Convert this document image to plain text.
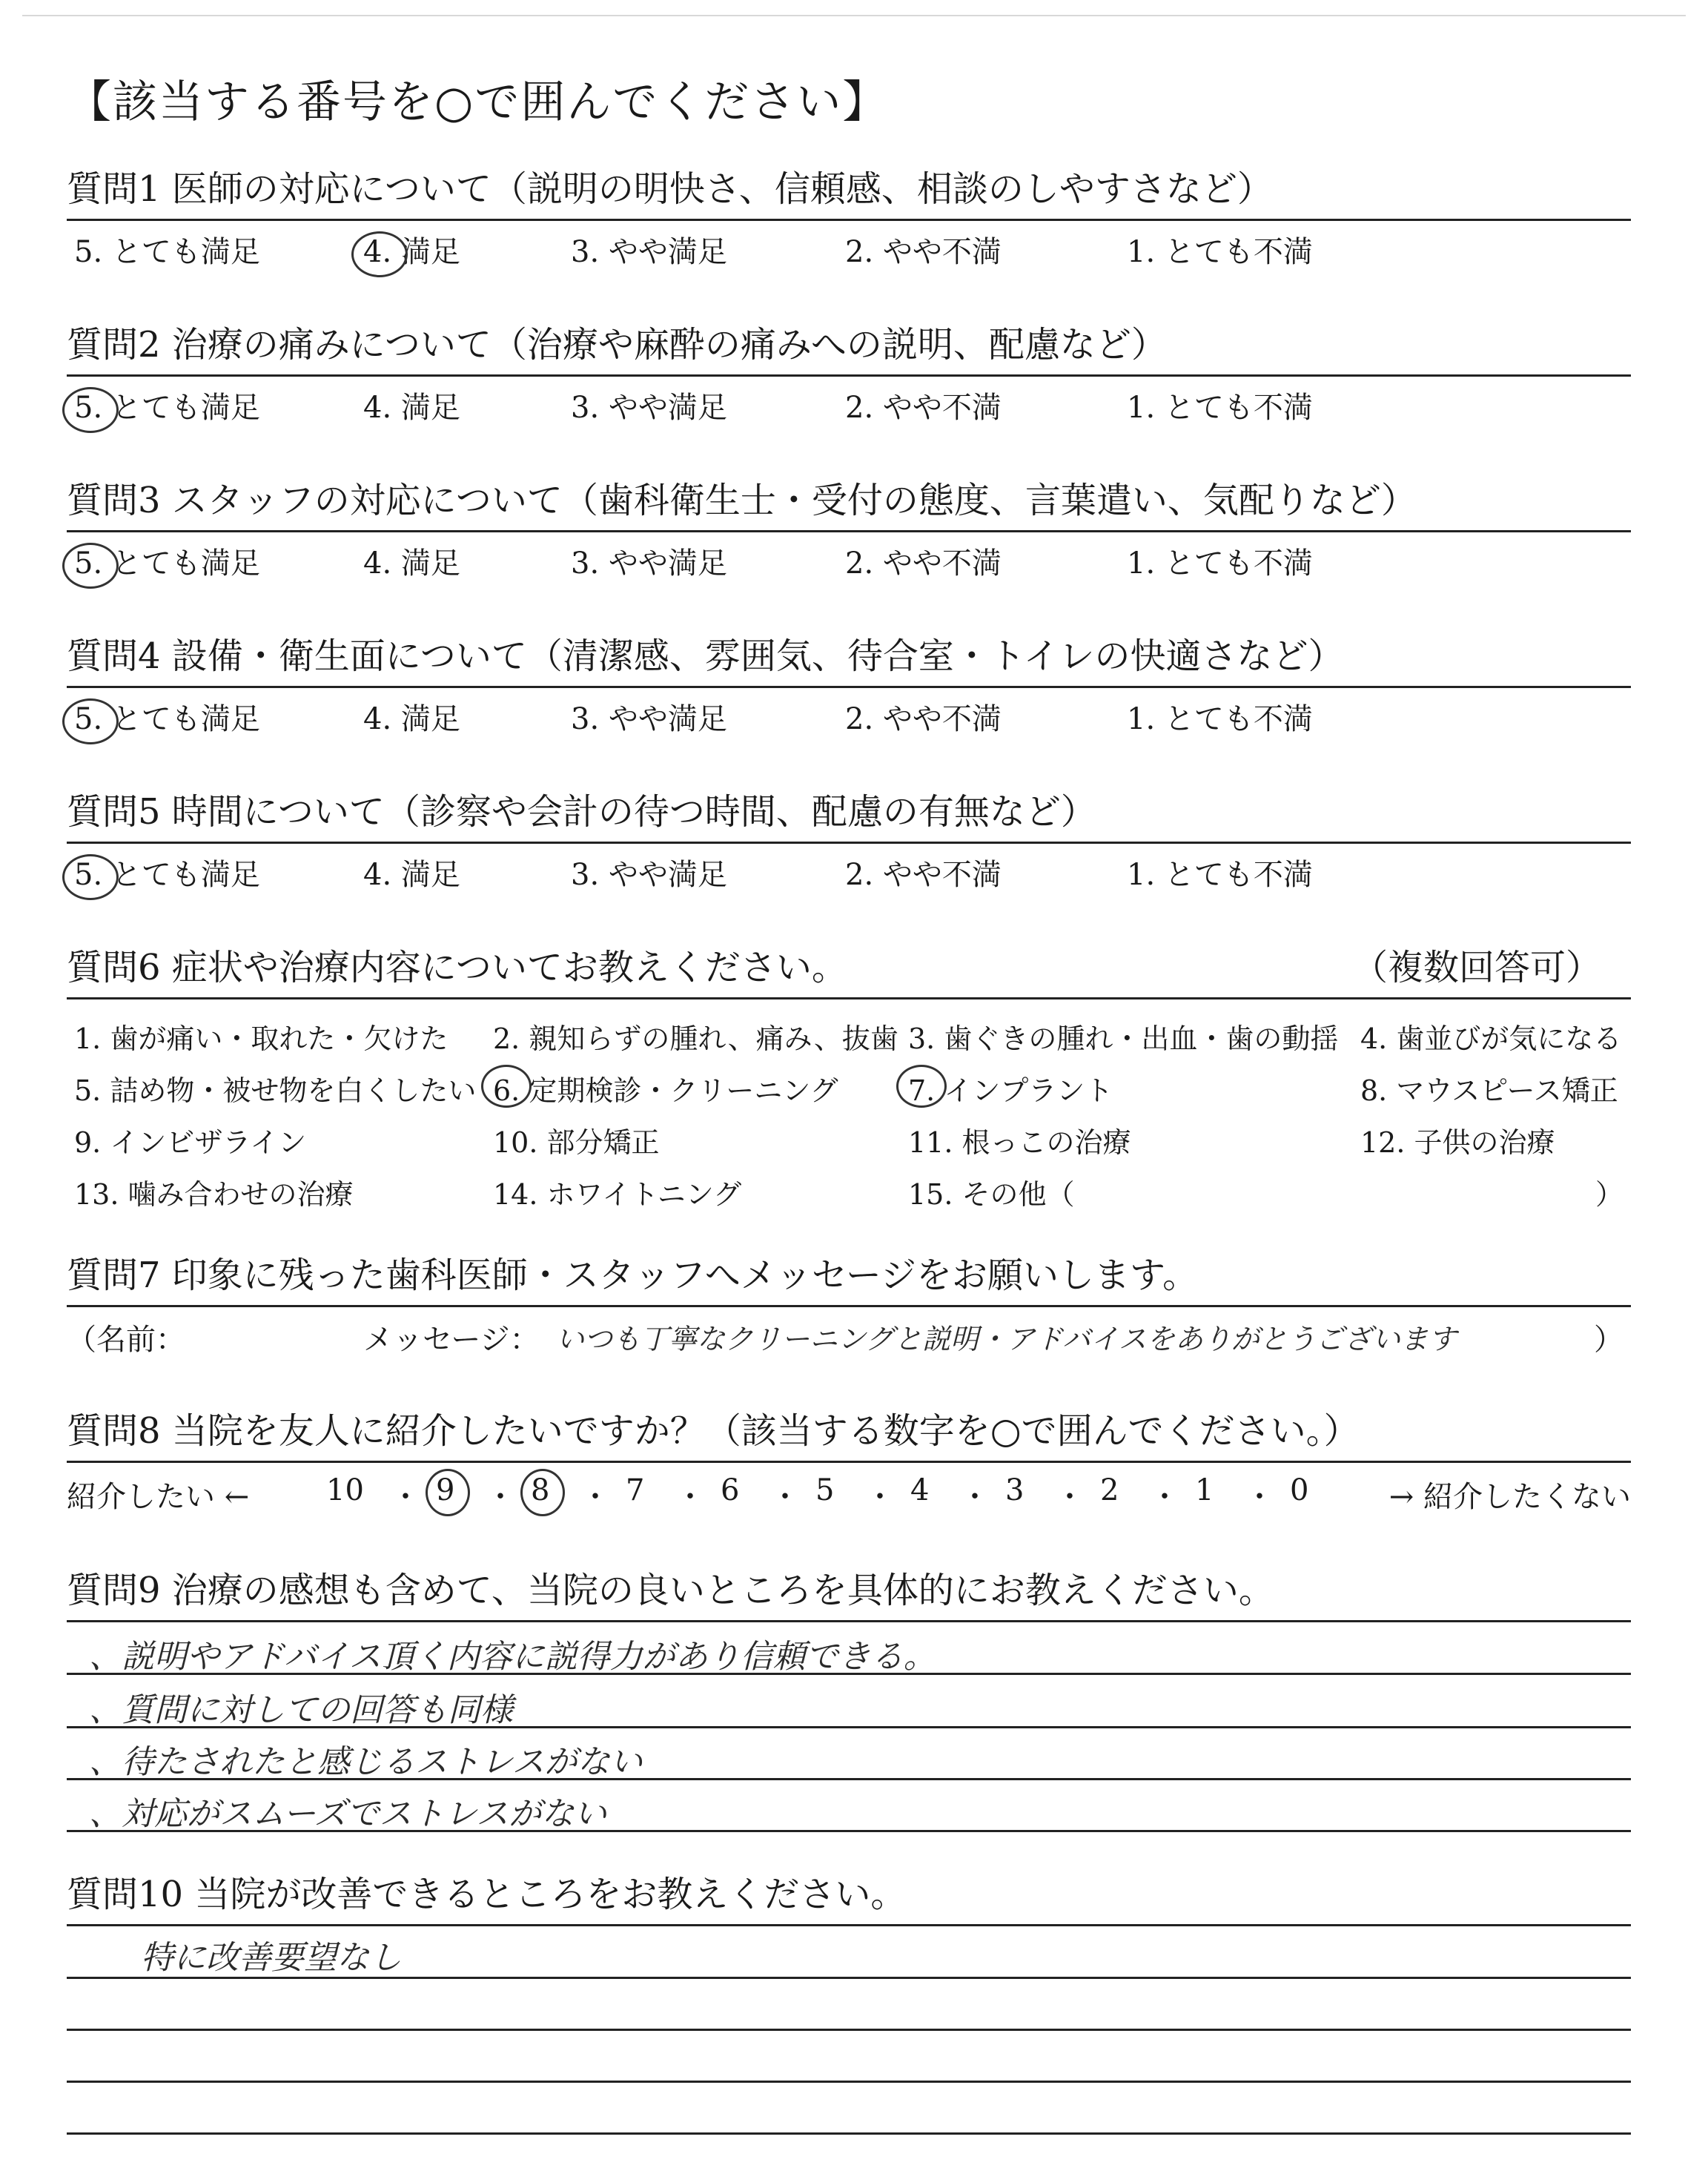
【該当する番号を○で囲んでください】
質問1 医師の対応について（説明の明快さ、信頼感、相談のしやすさなど）
5. とても満足	4. 満足	3. やや満足	2. やや不満	1. とても不満
質問2 治療の痛みについて（治療や麻酔の痛みへの説明、配慮など）
5. とても満足	4. 満足	3. やや満足	2. やや不満	1. とても不満
質問3 スタッフの対応について（歯科衛生士・受付の態度、言葉遣い、気配りなど）
5. とても満足	4. 満足	3. やや満足	2. やや不満	1. とても不満
質問4 設備・衛生面について（清潔感、雰囲気、待合室・トイレの快適さなど）
5. とても満足	4. 満足	3. やや満足	2. やや不満	1. とても不満
質問5 時間について（診察や会計の待つ時間、配慮の有無など）
5. とても満足	4. 満足	3. やや満足	2. やや不満	1. とても不満
質問6 症状や治療内容についてお教えください。	（複数回答可）
1. 歯が痛い・取れた・欠けた 2. 親知らずの腫れ、痛み、抜歯 3. 歯ぐきの腫れ・出血・歯の動揺 4. 歯並びが気になる
5. 詰め物・被せ物を白くしたい 6. 定期検診・クリーニング 7. インプラント	8. マウスピース矯正
9. インビザライン	10. 部分矯正	11. 根っこの治療	12. 子供の治療
13. 噛み合わせの治療	14. ホワイトニング	15. その他（	）
質問7 印象に残った歯科医師・スタッフへメッセージをお願いします。
（名前：	メッセージ： いつも丁寧なクリーニングと説明・アドバイスをありがとうございます	）
質問8 当院を友人に紹介したいですか？（該当する数字を○で囲んでください。）
紹介したい ←	10 ・ 9 ・ 8 ・ 7 ・ 6 ・ 5 ・ 4 ・ 3 ・ 2 ・ 1 ・ 0	→ 紹介したくない
質問9 治療の感想も含めて、当院の良いところを具体的にお教えください。
、説明やアドバイス頂く内容に説得力があり信頼できる。
、質問に対しての回答も同様
、待たされたと感じるストレスがない
、対応がスムーズでストレスがない
質問10 当院が改善できるところをお教えください。
特に改善要望なし
